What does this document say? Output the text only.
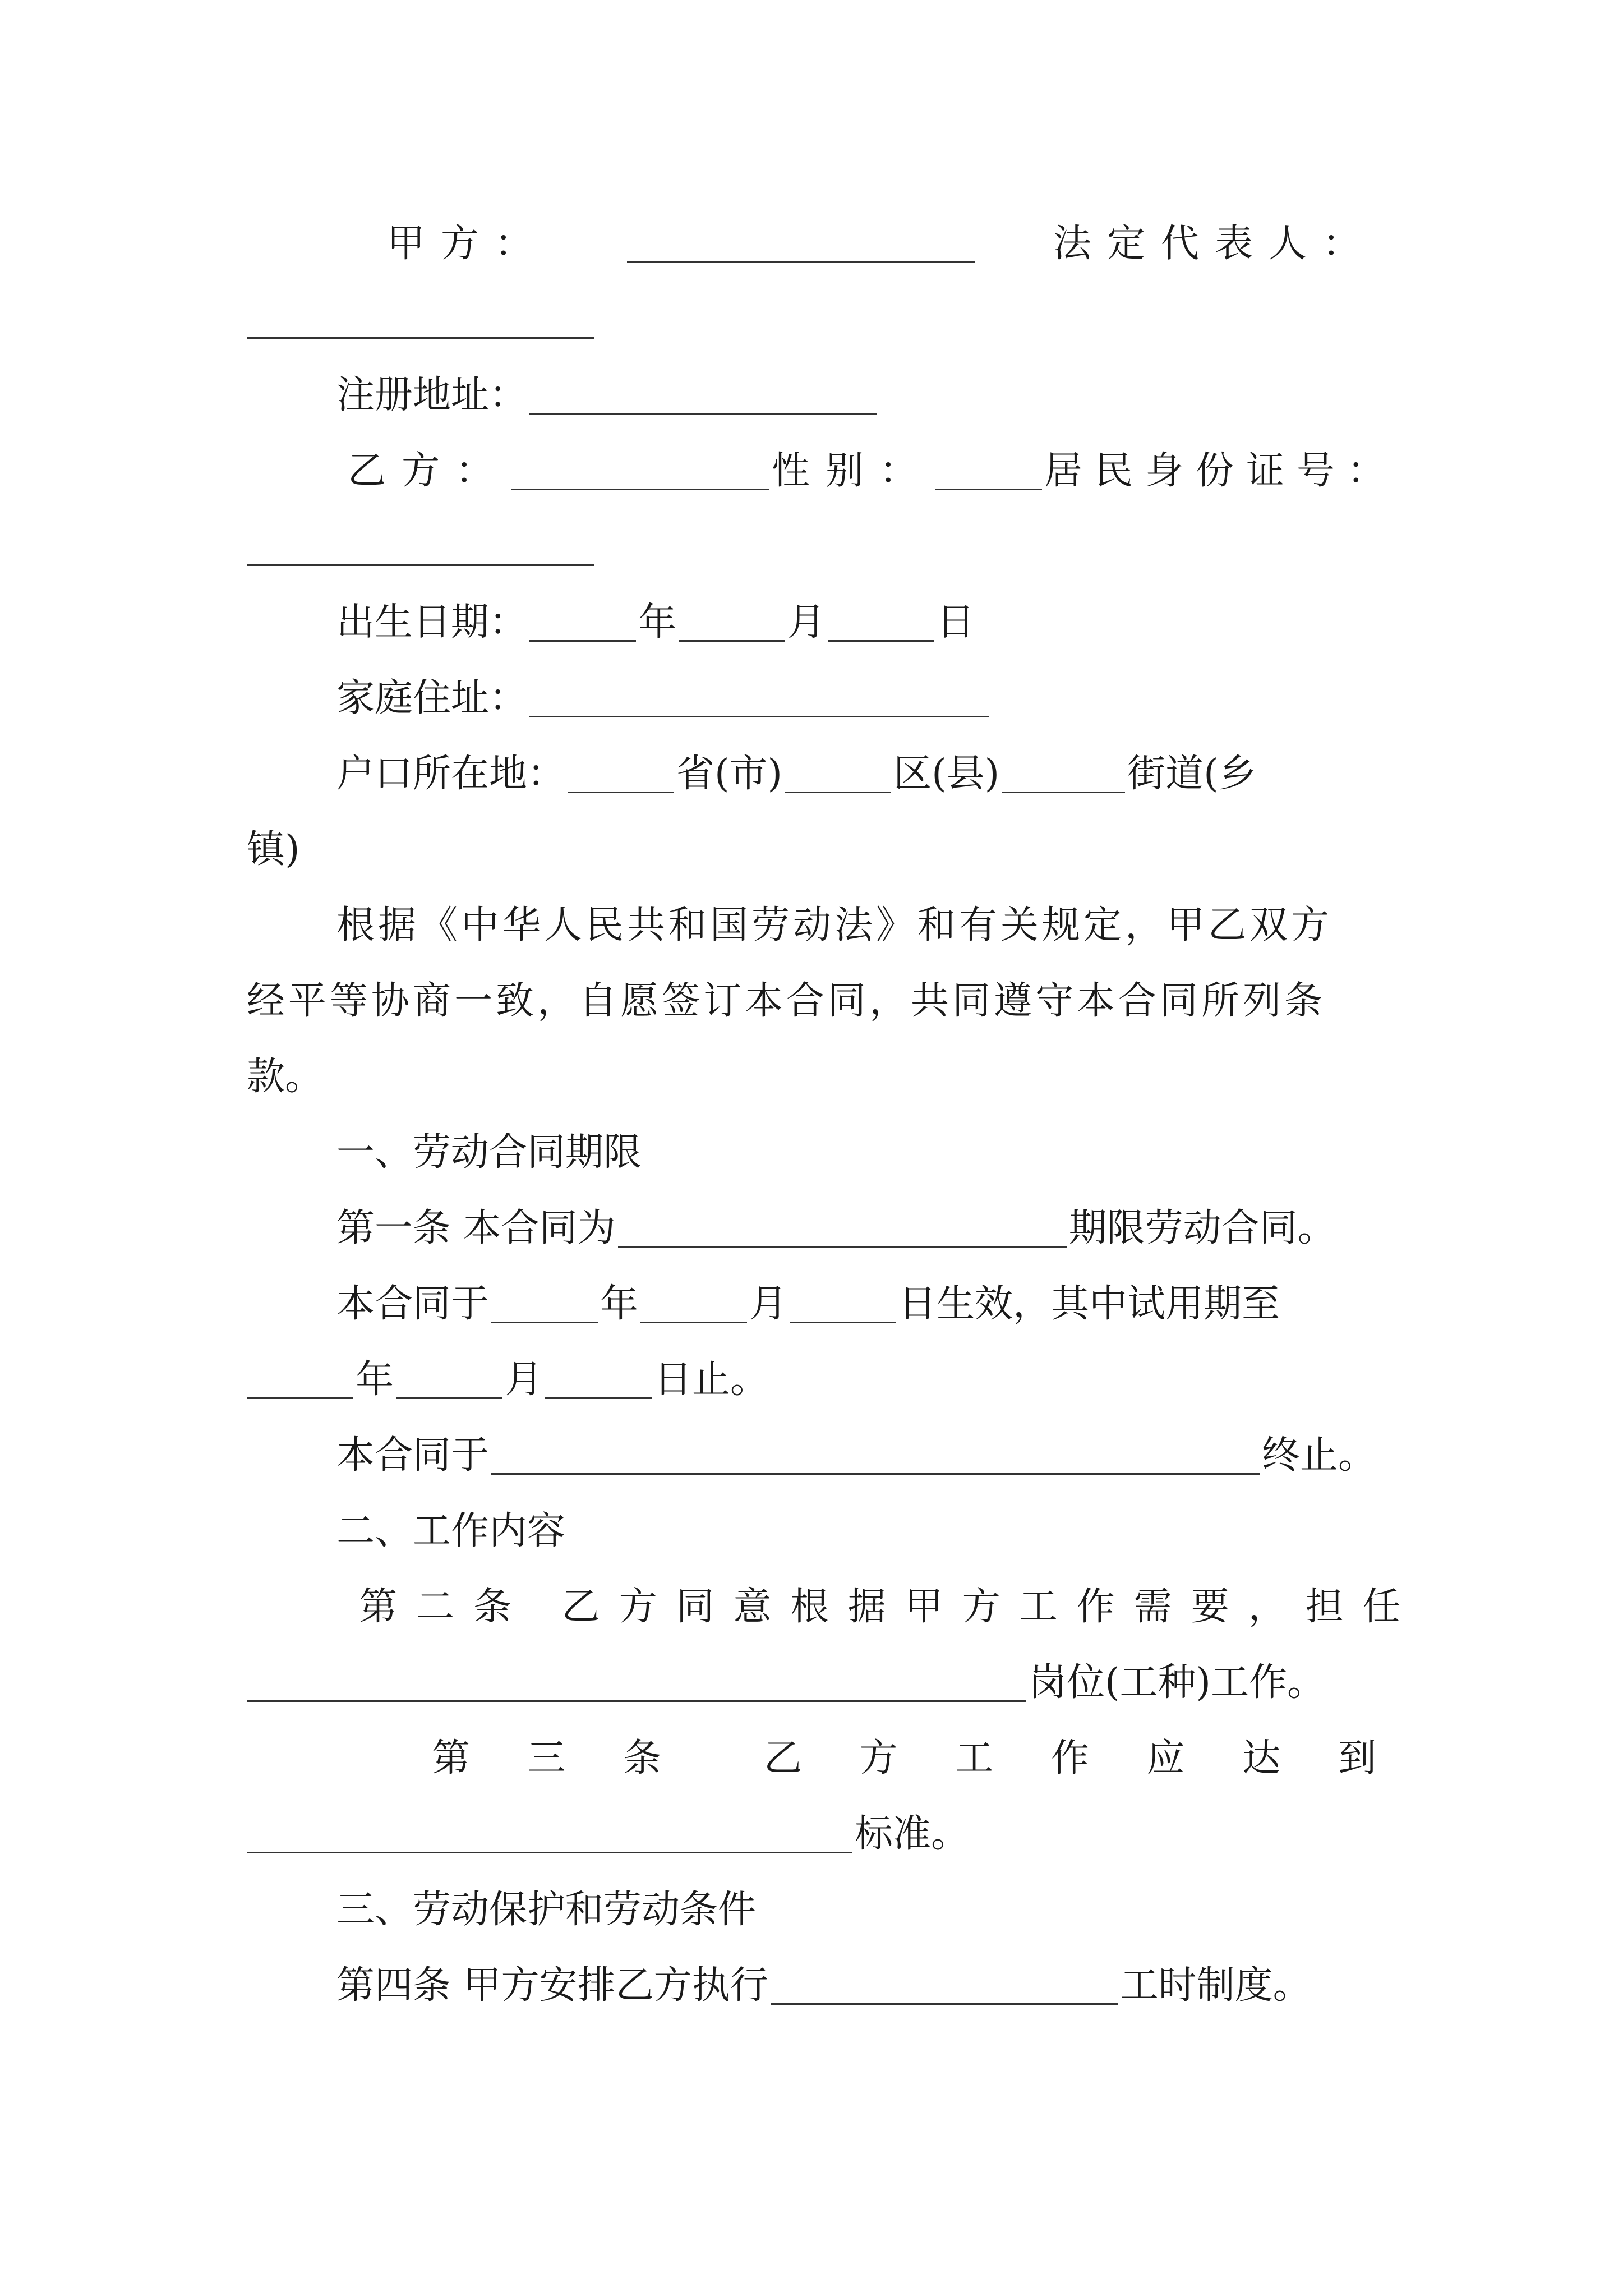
甲方：	法定代表人：
注册地址：
乙方：	性别：	居民身份证号：
出生日期：	年	月	日
家庭住址：
户口所在地：	省(市)	区(县)	街道(乡
镇)
根据《中华人民共和国劳动法》和有关规定，甲乙双方
经平等协商一致，自愿签订本合同，共同遵守本合同所列条
款。
一、劳动合同期限
第一条 本合同为	期限劳动合同。
本合同于	年	月	日生效，其中试用期至
年	月	日止。
本合同于	终止。
二、工作内容
第二条 乙方同意根据甲方工作需要，担任
岗位(工种)工作。
第 三 条	乙 方 工 作 应 达 到
标准。
三、劳动保护和劳动条件
第四条 甲方安排乙方执行	工时制度。
